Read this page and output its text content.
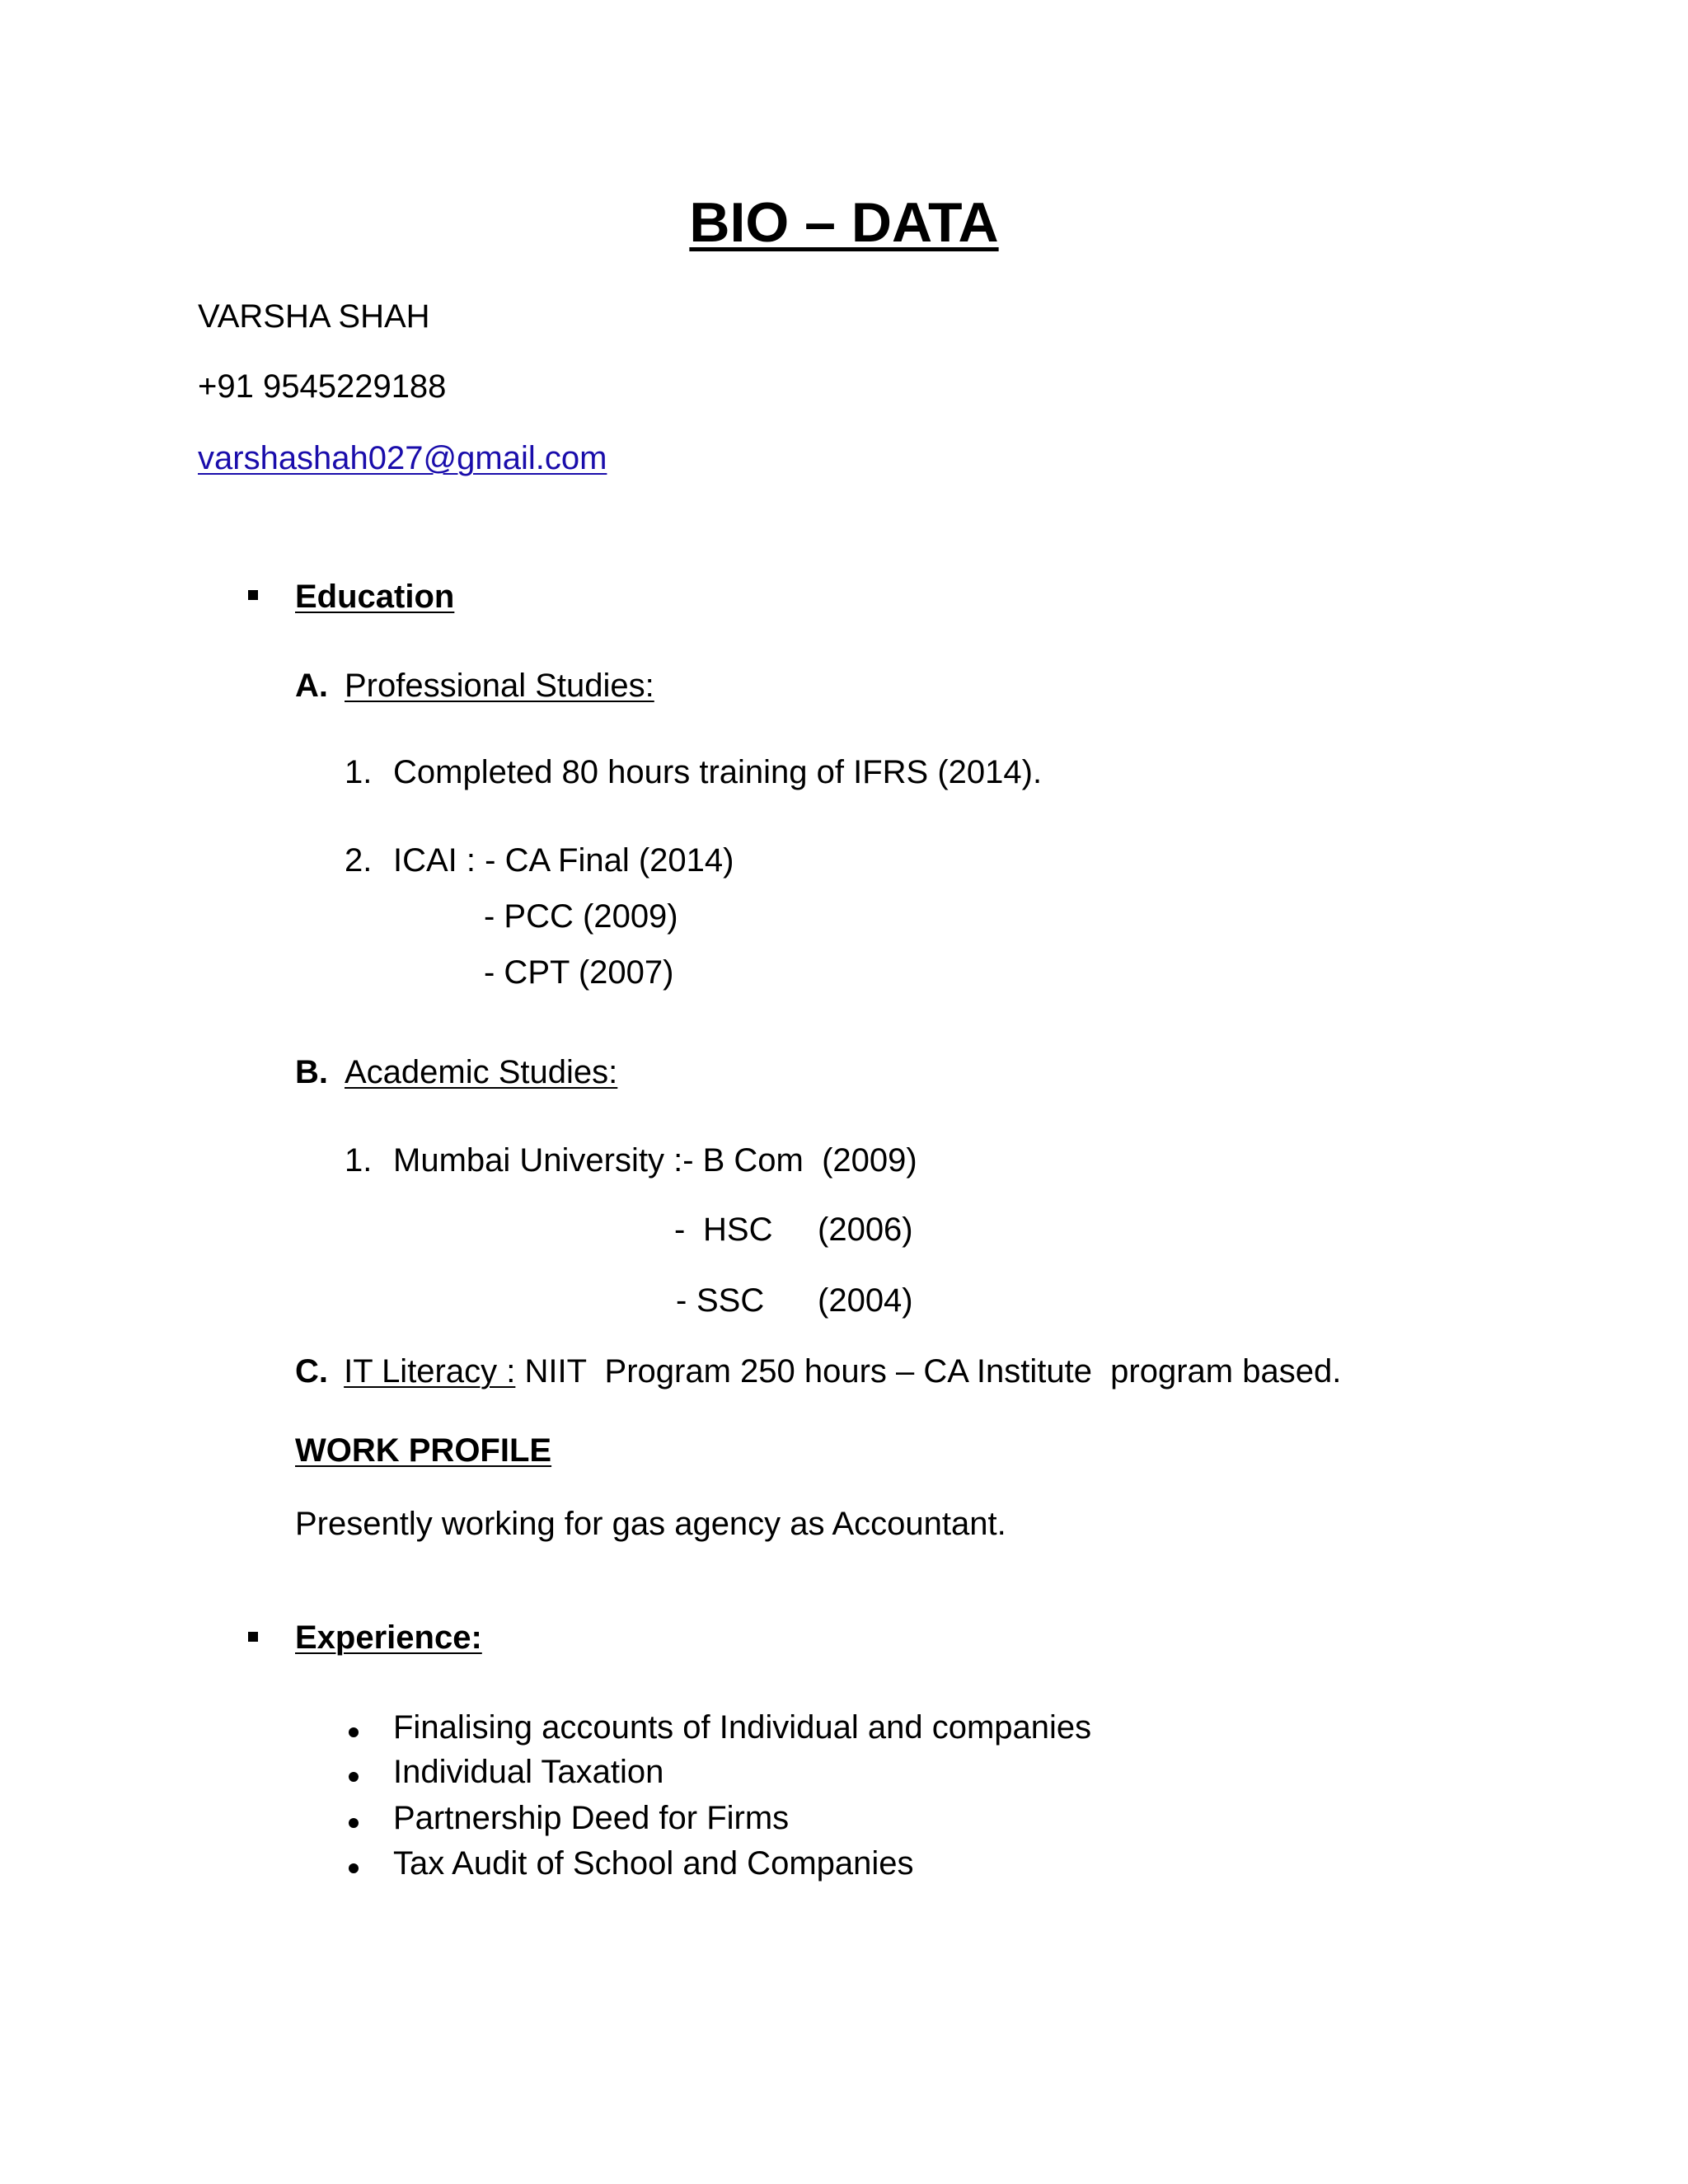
BIO – DATA
VARSHA SHAH
+91 9545229188
varshashah027@gmail.com
Education
A. Professional Studies:
1. Completed 80 hours training of IFRS (2014).
2. ICAI : - CA Final (2014)
- PCC (2009)
- CPT (2007)
B. Academic Studies:
1. Mumbai University :- B Com  (2009)
- HSC (2006)
- SSC (2004)
C. IT Literacy : NIIT  Program 250 hours – CA Institute  program based.
WORK PROFILE
Presently working for gas agency as Accountant.
Experience:
Finalising accounts of Individual and companies
Individual Taxation
Partnership Deed for Firms
Tax Audit of School and Companies
